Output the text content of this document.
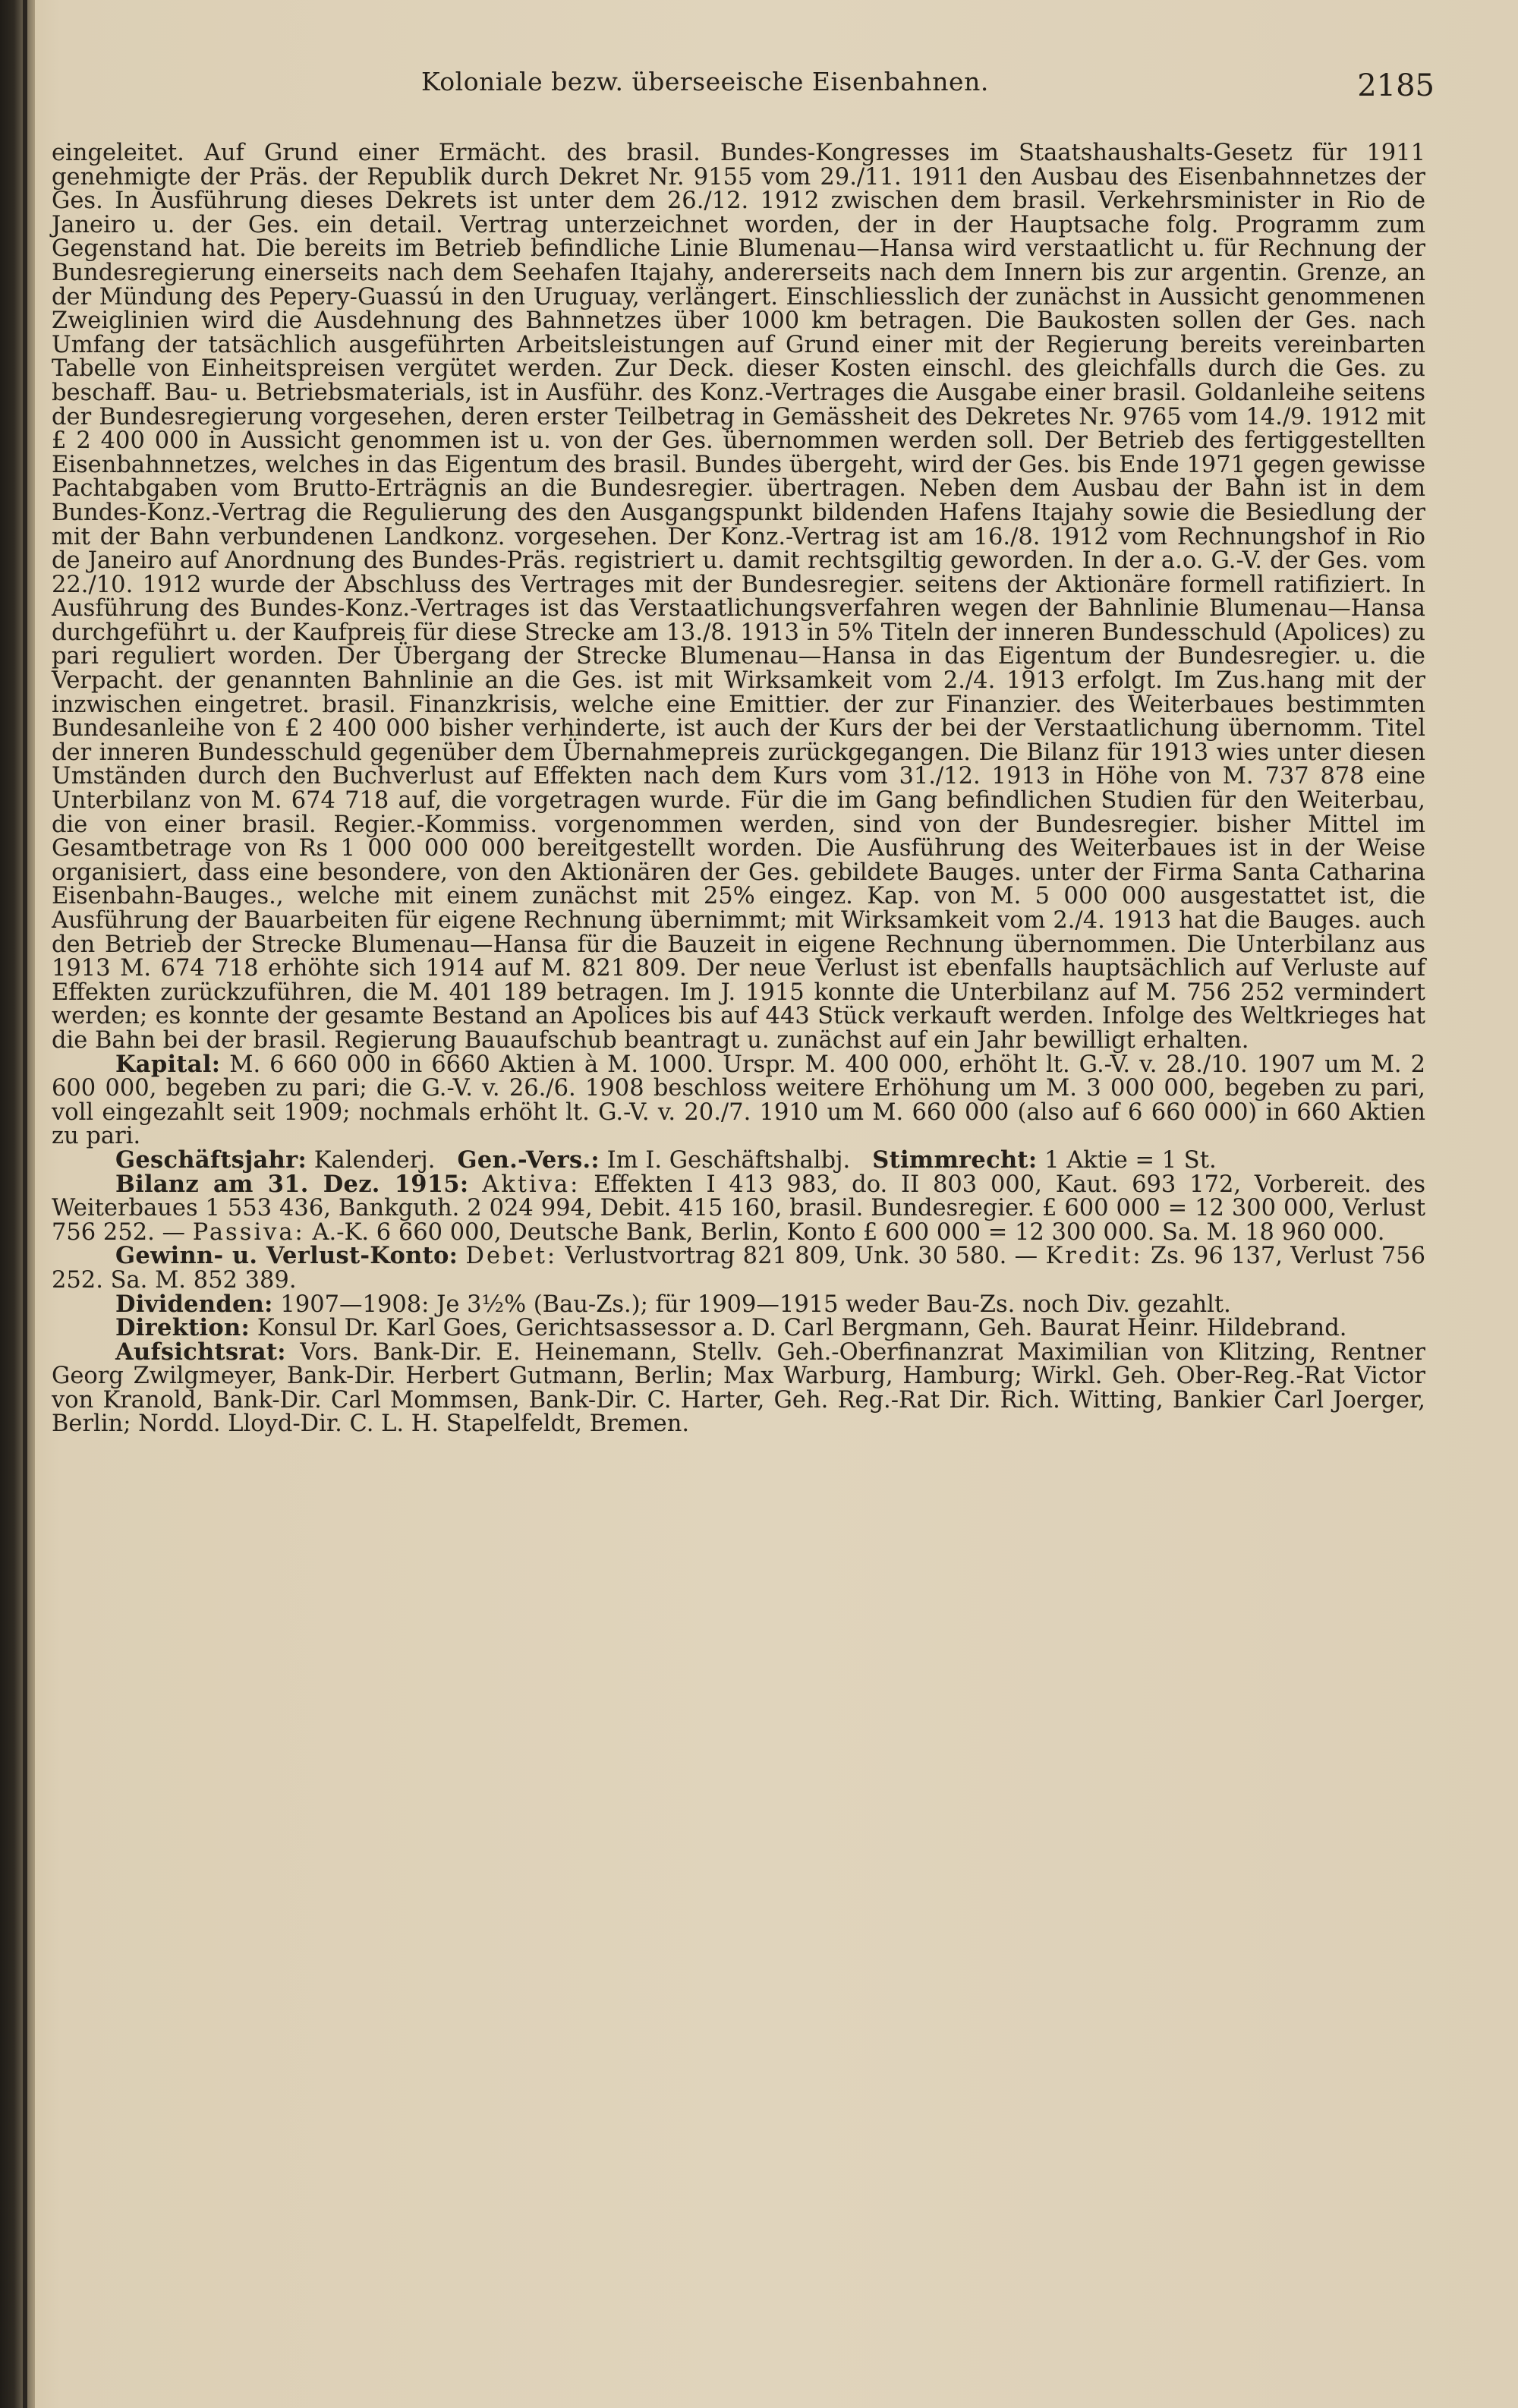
Koloniale bezw. überseeische Eisenbahnen.	2185

eingeleitet. Auf Grund einer Ermächt. des brasil. Bundes-Kongresses im Staatshaushalts-Gesetz für 1911 genehmigte der Präs. der Republik durch Dekret Nr. 9155 vom 29./11. 1911 den Ausbau des Eisenbahnnetzes der Ges. In Ausführung dieses Dekrets ist unter dem 26./12. 1912 zwischen dem brasil. Verkehrsminister in Rio de Janeiro u. der Ges. ein detail. Vertrag unterzeichnet worden, der in der Hauptsache folg. Programm zum Gegenstand hat. Die bereits im Betrieb befindliche Linie Blumenau—Hansa wird verstaatlicht u. für Rechnung der Bundesregierung einerseits nach dem Seehafen Itajahy, andererseits nach dem Innern bis zur argentin. Grenze, an der Mündung des Pepery-Guassú in den Uruguay, verlängert. Einschliesslich der zunächst in Aussicht genommenen Zweiglinien wird die Ausdehnung des Bahnnetzes über 1000 km betragen. Die Baukosten sollen der Ges. nach Umfang der tatsächlich ausgeführten Arbeitsleistungen auf Grund einer mit der Regierung bereits vereinbarten Tabelle von Einheitspreisen vergütet werden. Zur Deck. dieser Kosten einschl. des gleichfalls durch die Ges. zu beschaff. Bau- u. Betriebsmaterials, ist in Ausführ. des Konz.-Vertrages die Ausgabe einer brasil. Goldanleihe seitens der Bundesregierung vorgesehen, deren erster Teilbetrag in Gemässheit des Dekretes Nr. 9765 vom 14./9. 1912 mit £ 2 400 000 in Aussicht genommen ist u. von der Ges. übernommen werden soll. Der Betrieb des fertiggestellten Eisenbahnnetzes, welches in das Eigentum des brasil. Bundes übergeht, wird der Ges. bis Ende 1971 gegen gewisse Pachtabgaben vom Brutto-Erträgnis an die Bundesregier. übertragen. Neben dem Ausbau der Bahn ist in dem Bundes-Konz.-Vertrag die Regulierung des den Ausgangspunkt bildenden Hafens Itajahy sowie die Besiedlung der mit der Bahn verbundenen Landkonz. vorgesehen. Der Konz.-Vertrag ist am 16./8. 1912 vom Rechnungshof in Rio de Janeiro auf Anordnung des Bundes-Präs. registriert u. damit rechtsgiltig geworden. In der a.o. G.-V. der Ges. vom 22./10. 1912 wurde der Abschluss des Vertrages mit der Bundesregier. seitens der Aktionäre formell ratifiziert. In Ausführung des Bundes-Konz.-Vertrages ist das Verstaatlichungsverfahren wegen der Bahnlinie Blumenau—Hansa durchgeführt u. der Kaufpreis für diese Strecke am 13./8. 1913 in 5% Titeln der inneren Bundesschuld (Apolices) zu pari reguliert worden. Der Übergang der Strecke Blumenau—Hansa in das Eigentum der Bundesregier. u. die Verpacht. der genannten Bahnlinie an die Ges. ist mit Wirksamkeit vom 2./4. 1913 erfolgt. Im Zus.hang mit der inzwischen eingetret. brasil. Finanzkrisis, welche eine Emittier. der zur Finanzier. des Weiterbaues bestimmten Bundesanleihe von £ 2 400 000 bisher verhinderte, ist auch der Kurs der bei der Verstaatlichung übernomm. Titel der inneren Bundesschuld gegenüber dem Übernahmepreis zurückgegangen. Die Bilanz für 1913 wies unter diesen Umständen durch den Buchverlust auf Effekten nach dem Kurs vom 31./12. 1913 in Höhe von M. 737 878 eine Unterbilanz von M. 674 718 auf, die vorgetragen wurde. Für die im Gang befindlichen Studien für den Weiterbau, die von einer brasil. Regier.-Kommiss. vorgenommen werden, sind von der Bundesregier. bisher Mittel im Gesamtbetrage von Rs 1 000 000 000 bereitgestellt worden. Die Ausführung des Weiterbaues ist in der Weise organisiert, dass eine besondere, von den Aktionären der Ges. gebildete Bauges. unter der Firma Santa Catharina Eisenbahn-Bauges., welche mit einem zunächst mit 25% eingez. Kap. von M. 5 000 000 ausgestattet ist, die Ausführung der Bauarbeiten für eigene Rechnung übernimmt; mit Wirksamkeit vom 2./4. 1913 hat die Bauges. auch den Betrieb der Strecke Blumenau—Hansa für die Bauzeit in eigene Rechnung übernommen. Die Unterbilanz aus 1913 M. 674 718 erhöhte sich 1914 auf M. 821 809. Der neue Verlust ist ebenfalls hauptsächlich auf Verluste auf Effekten zurückzuführen, die M. 401 189 betragen. Im J. 1915 konnte die Unterbilanz auf M. 756 252 vermindert werden; es konnte der gesamte Bestand an Apolices bis auf 443 Stück verkauft werden. Infolge des Weltkrieges hat die Bahn bei der brasil. Regierung Bauaufschub beantragt u. zunächst auf ein Jahr bewilligt erhalten.

Kapital: M. 6 660 000 in 6660 Aktien à M. 1000. Urspr. M. 400 000, erhöht lt. G.-V. v. 28./10. 1907 um M. 2 600 000, begeben zu pari; die G.-V. v. 26./6. 1908 beschloss weitere Erhöhung um M. 3 000 000, begeben zu pari, voll eingezahlt seit 1909; nochmals erhöht lt. G.-V. v. 20./7. 1910 um M. 660 000 (also auf 6 660 000) in 660 Aktien zu pari.

Geschäftsjahr: Kalenderj. Gen.-Vers.: Im I. Geschäftshalbj. Stimmrecht: 1 Aktie = 1 St.

Bilanz am 31. Dez. 1915: Aktiva: Effekten I 413 983, do. II 803 000, Kaut. 693 172, Vorbereit. des Weiterbaues 1 553 436, Bankguth. 2 024 994, Debit. 415 160, brasil. Bundesregier. £ 600 000 = 12 300 000, Verlust 756 252. — Passiva: A.-K. 6 660 000, Deutsche Bank, Berlin, Konto £ 600 000 = 12 300 000. Sa. M. 18 960 000.

Gewinn- u. Verlust-Konto: Debet: Verlustvortrag 821 809, Unk. 30 580. — Kredit: Zs. 96 137, Verlust 756 252. Sa. M. 852 389.

Dividenden: 1907—1908: Je 3½% (Bau-Zs.); für 1909—1915 weder Bau-Zs. noch Div. gezahlt.

Direktion: Konsul Dr. Karl Goes, Gerichtsassessor a. D. Carl Bergmann, Geh. Baurat Heinr. Hildebrand.

Aufsichtsrat: Vors. Bank-Dir. E. Heinemann, Stellv. Geh.-Oberfinanzrat Maximilian von Klitzing, Rentner Georg Zwilgmeyer, Bank-Dir. Herbert Gutmann, Berlin; Max Warburg, Hamburg; Wirkl. Geh. Ober-Reg.-Rat Victor von Kranold, Bank-Dir. Carl Mommsen, Bank-Dir. C. Harter, Geh. Reg.-Rat Dir. Rich. Witting, Bankier Carl Joerger, Berlin; Nordd. Lloyd-Dir. C. L. H. Stapelfeldt, Bremen.
